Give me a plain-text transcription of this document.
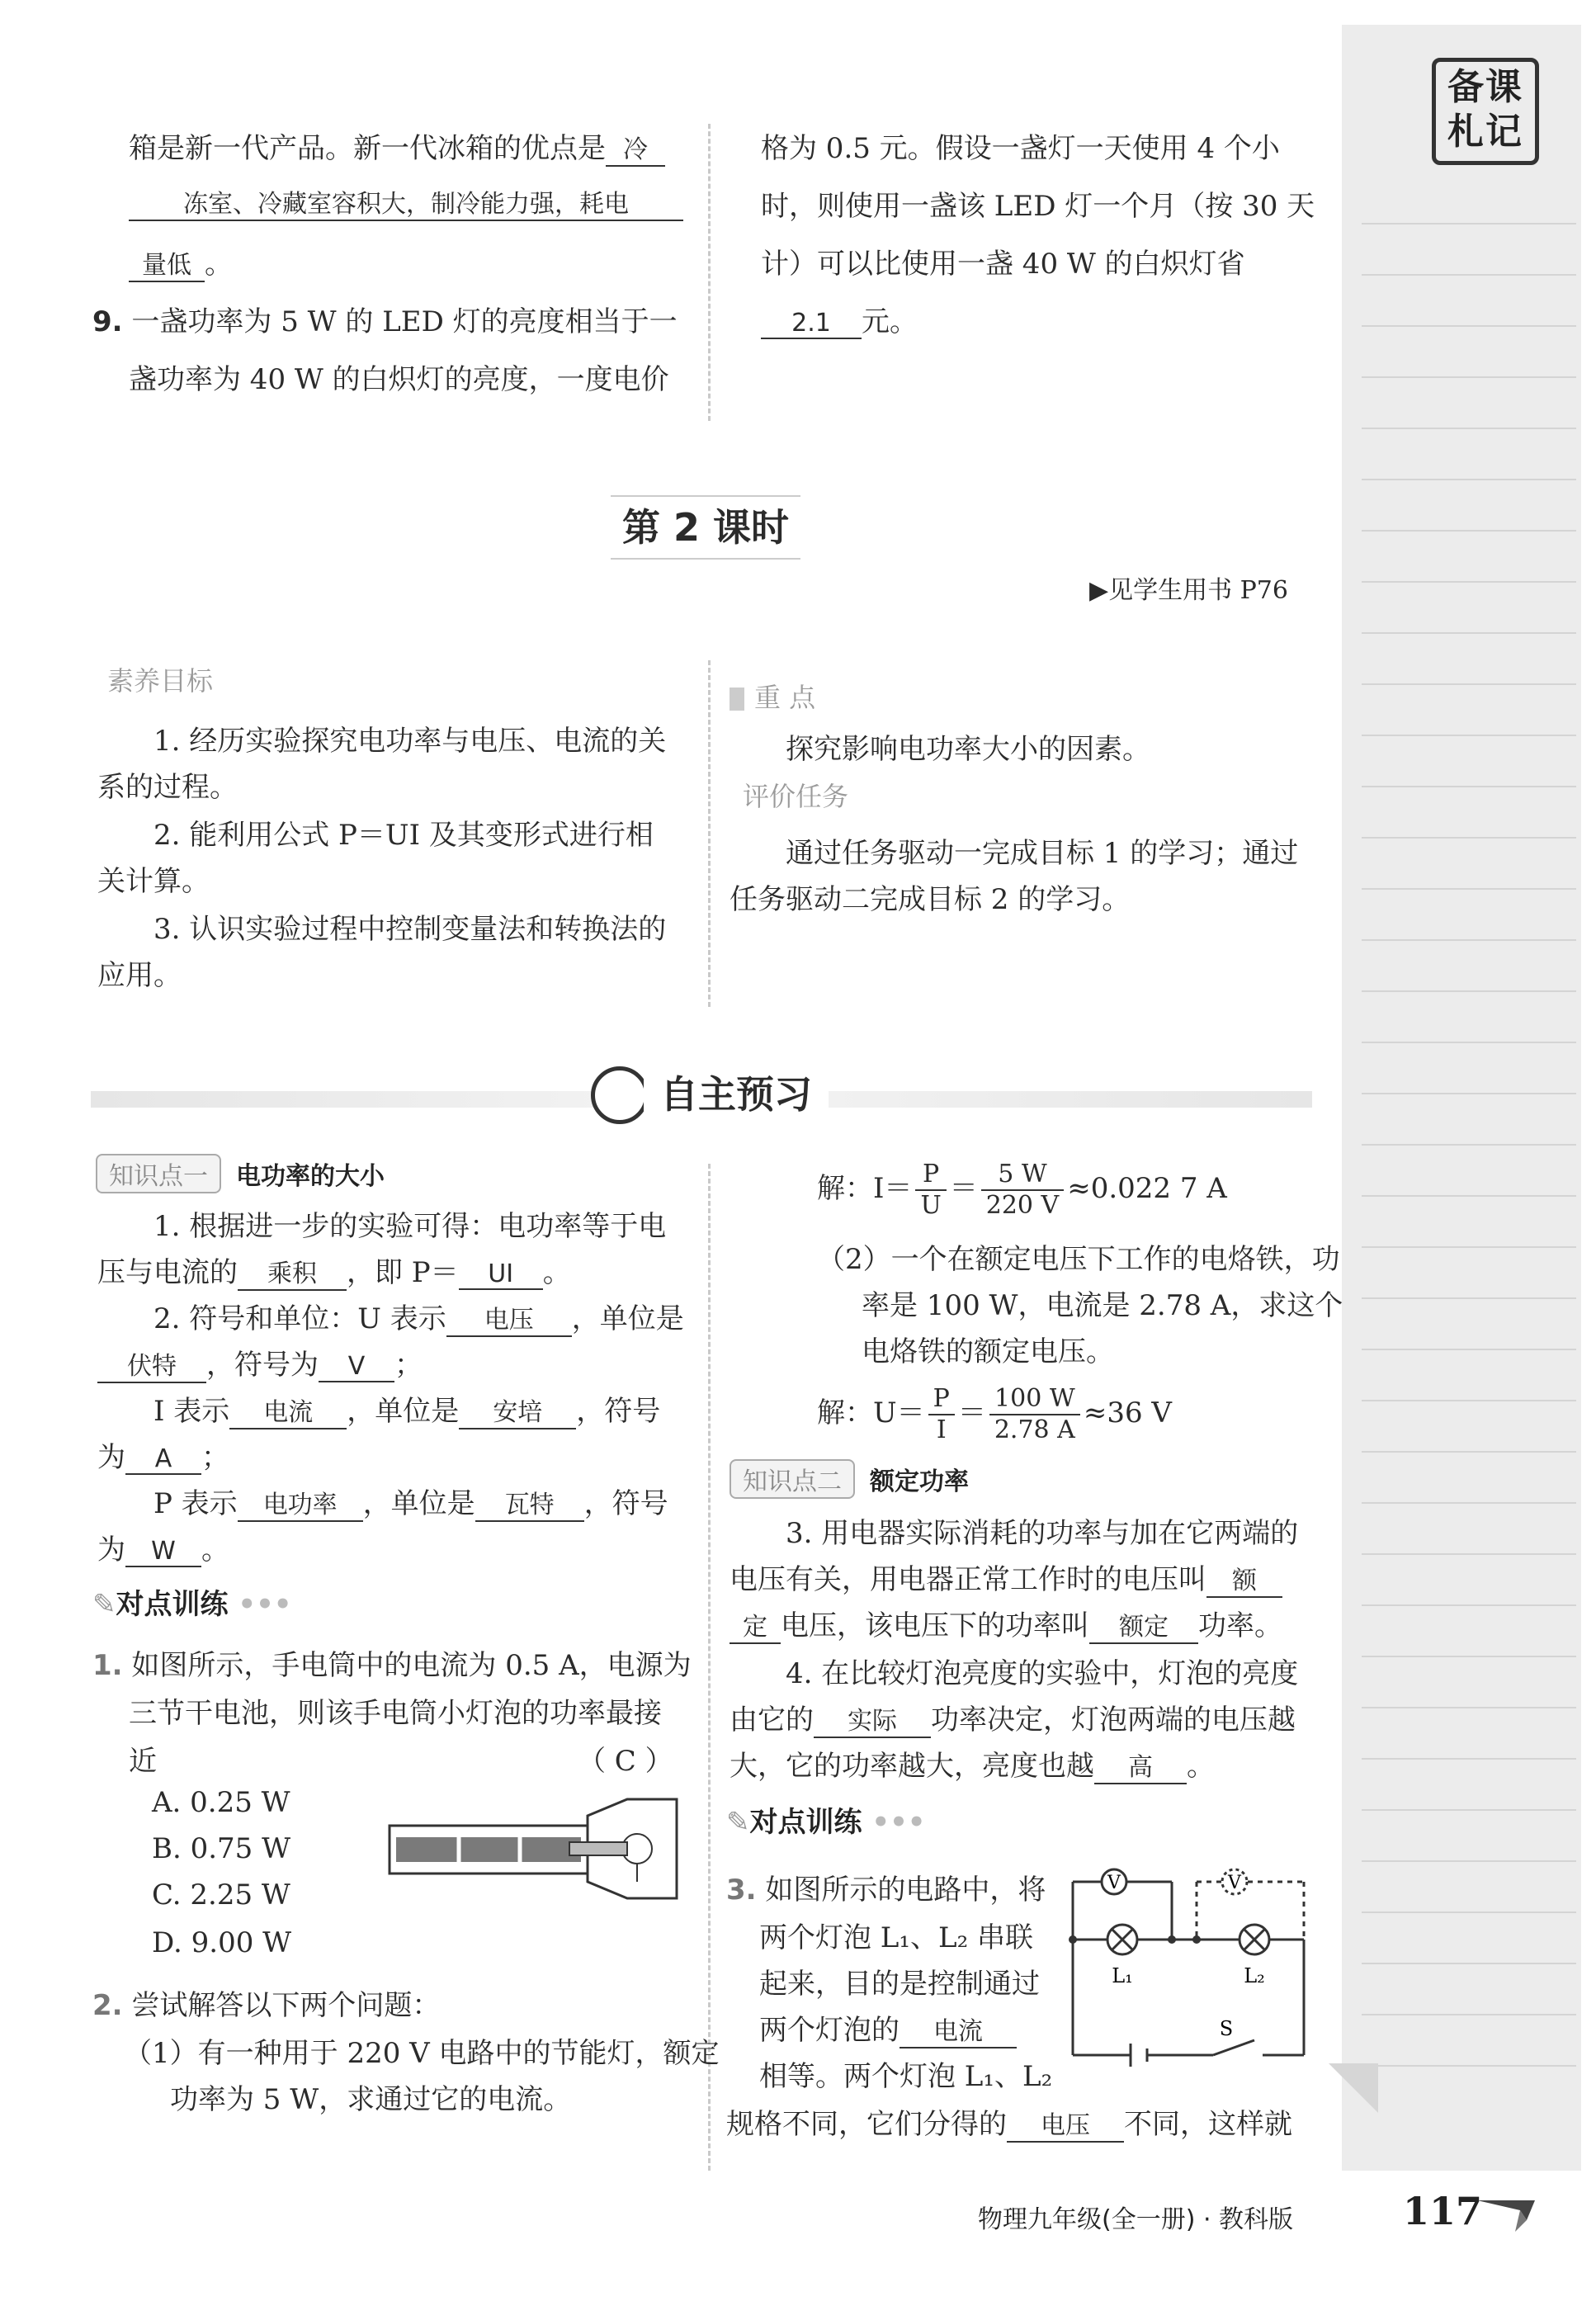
备课札记
箱是新一代产品。新一代冰箱的优点是 冷
冻室、冷藏室容积大，制冷能力强，耗电
量低 。
9. 一盏功率为 5 W 的 LED 灯的亮度相当于一
盏功率为 40 W 的白炽灯的亮度，一度电价
格为 0.5 元。假设一盏灯一天使用 4 个小
时，则使用一盏该 LED 灯一个月（按 30 天
计）可以比使用一盏 40 W 的白炽灯省
2.1 元。
第 2 课时
▶见学生用书 P76
素养目标
1. 经历实验探究电功率与电压、电流的关
系的过程。
2. 能利用公式 P＝UI 及其变形式进行相
关计算。
3. 认识实验过程中控制变量法和转换法的
应用。
重 点
探究影响电功率大小的因素。
评价任务
通过任务驱动一完成目标 1 的学习；通过
任务驱动二完成目标 2 的学习。
自主预习
知识点一 电功率的大小
1. 根据进一步的实验可得：电功率等于电
压与电流的 乘积 ，即 P＝ UI 。
2. 符号和单位：U 表示 电压 ，单位是
伏特 ，符号为 V ；
I 表示 电流 ，单位是 安培 ，符号
为 A ；
P 表示 电功率 ，单位是 瓦特 ，符号
为 W 。
✎对点训练 •••
1. 如图所示，手电筒中的电流为 0.5 A，电源为
三节干电池，则该手电筒小灯泡的功率最接
近	（ C ）
A. 0.25 W
B. 0.75 W
C. 2.25 W
D. 9.00 W
2. 尝试解答以下两个问题：
（1）有一种用于 220 V 电路中的节能灯，额定
功率为 5 W，求通过它的电流。
解：$I= \frac{P}{U} = \frac{5 W}{220 V} \approx 0.022$ 7 A
（2）一个在额定电压下工作的电烙铁，功
率是 100 W，电流是 2.78 A，求这个
电烙铁的额定电压。
解：$U= \frac{P}{I} = \frac{100 W}{2.78 A} \approx 36$ V
知识点二 额定功率
3. 用电器实际消耗的功率与加在它两端的
电压有关，用电器正常工作时的电压叫 额
定 电压，该电压下的功率叫 额定 功率。
4. 在比较灯泡亮度的实验中，灯泡的亮度
由它的 实际 功率决定，灯泡两端的电压越
大，它的功率越大，亮度也越 高 。
✎对点训练 •••
3. 如图所示的电路中，将
两个灯泡 L₁、L₂ 串联
起来，目的是控制通过
两个灯泡的 电流
相等。两个灯泡 L₁、L₂
规格不同，它们分得的 电压 不同，这样就
V	V
L₁	L₂
S
物理九年级(全一册) · 教科版	117
